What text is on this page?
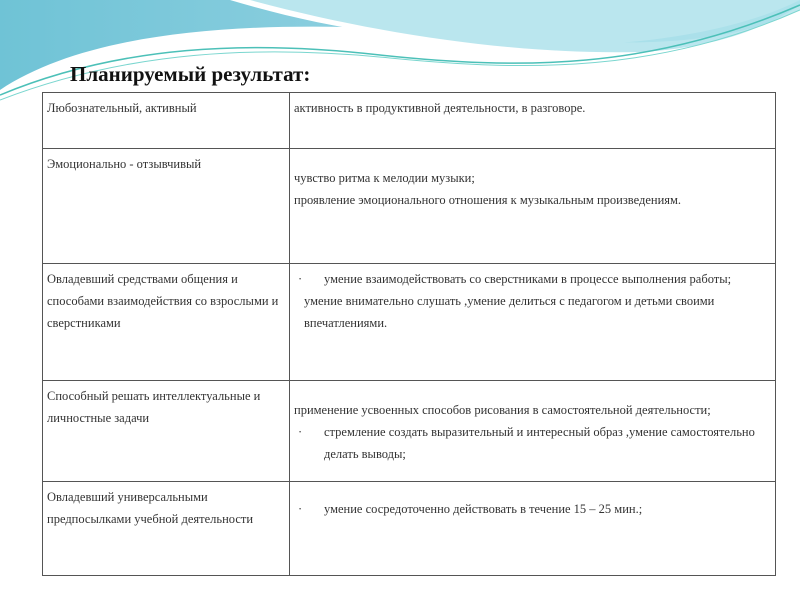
Планируемый результат:
Любознательный, активный	активность в продуктивной деятельности, в разговоре.

Эмоционально - отзывчивый	чувство ритма к мелодии музыки;

проявление эмоционального отношения к музыкальным произведениям.

Овладевший средствами общения и способами взаимодействия со взрослыми и сверстниками	· умение взаимодействовать со сверстниками в процессе выполнения работы;

умение внимательно слушать ,умение делиться с педагогом и детьми своими впечатлениями.

Способный решать интеллектуальные и личностные задачи	применение усвоенных способов рисования в самостоятельной деятельности;

· стремление создать выразительный и интересный образ ,умение самостоятельно делать выводы;

Овладевший универсальными предпосылками учебной деятельности	· умение сосредоточенно действовать в течение 15 – 25 мин.;
